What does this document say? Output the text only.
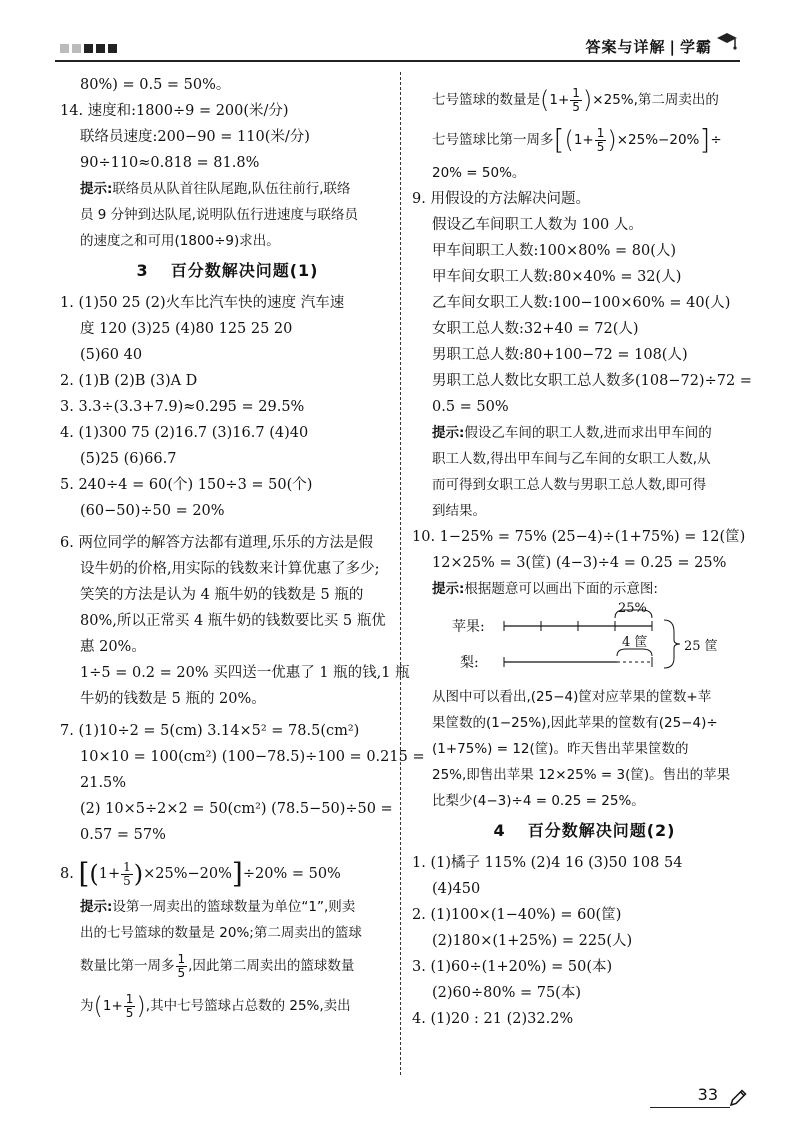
答案与详解 | 学霸
80%) = 0.5 = 50%。
14. 速度和:1800÷9 = 200(米/分)
联络员速度:200−90 = 110(米/分)
90÷110≈0.818 = 81.8%
提示:联络员从队首往队尾跑,队伍往前行,联络
员 9 分钟到达队尾,说明队伍行进速度与联络员
的速度之和可用(1800÷9)求出。
3 百分数解决问题(1)
1. (1)50 25 (2)火车比汽车快的速度 汽车速
度 120 (3)25 (4)80 125 25 20
(5)60 40
2. (1)B (2)B (3)A D
3. 3.3÷(3.3+7.9)≈0.295 = 29.5%
4. (1)300 75 (2)16.7 (3)16.7 (4)40
(5)25 (6)66.7
5. 240÷4 = 60(个) 150÷3 = 50(个)
(60−50)÷50 = 20%
6. 两位同学的解答方法都有道理,乐乐的方法是假
设牛奶的价格,用实际的钱数来计算优惠了多少;
笑笑的方法是认为 4 瓶牛奶的钱数是 5 瓶的
80%,所以正常买 4 瓶牛奶的钱数要比买 5 瓶优
惠 20%。
1÷5 = 0.2 = 20% 买四送一优惠了 1 瓶的钱,1 瓶
牛奶的钱数是 5 瓶的 20%。
7. (1)10÷2 = 5(cm) 3.14×5² = 78.5(cm²)
10×10 = 100(cm²) (100−78.5)÷100 = 0.215 =
21.5%
(2) 10×5÷2×2 = 50(cm²) (78.5−50)÷50 =
0.57 = 57%
8. $[(1+ \frac{1}{5} )\times 25\%-20\%]\div 20\% = 50\%$
提示:设第一周卖出的篮球数量为单位“1”,则卖
出的七号篮球的数量是 20%;第二周卖出的篮球
数量比第一周多 $\frac{1}{5}$ ,因此第二周卖出的篮球数量
为($1+ \frac{1}{5}$ ),其中七号篮球占总数的 25%,卖出
七号篮球的数量是$(1+ \frac{1}{5} )\times 25\%$,第二周卖出的
七号篮球比第一周多$[(1+ \frac{1}{5} )\times 25\%-20\%]\div$
20% = 50%。
9. 用假设的方法解决问题。
假设乙车间职工人数为 100 人。
甲车间职工人数:100×80% = 80(人)
甲车间女职工人数:80×40% = 32(人)
乙车间女职工人数:100−100×60% = 40(人)
女职工总人数:32+40 = 72(人)
男职工总人数:80+100−72 = 108(人)
男职工总人数比女职工总人数多(108−72)÷72 =
0.5 = 50%
提示:假设乙车间的职工人数,进而求出甲车间的
职工人数,得出甲车间与乙车间的女职工人数,从
而可得到女职工总人数与男职工总人数,即可得
到结果。
10. 1−25% = 75% (25−4)÷(1+75%) = 12(筐)
12×25% = 3(筐) (4−3)÷4 = 0.25 = 25%
提示:根据题意可以画出下面的示意图:
苹果:
梨:
25%
4 筐	25 筐
从图中可以看出,(25−4)筐对应苹果的筐数+苹
果筐数的(1−25%),因此苹果的筐数有(25−4)÷
(1+75%) = 12(筐)。昨天售出苹果筐数的
25%,即售出苹果 12×25% = 3(筐)。售出的苹果
比梨少(4−3)÷4 = 0.25 = 25%。
4 百分数解决问题(2)
1. (1)橘子 115% (2)4 16 (3)50 108 54
(4)450
2. (1)100×(1−40%) = 60(筐)
(2)180×(1+25%) = 225(人)
3. (1)60÷(1+20%) = 50(本)
(2)60÷80% = 75(本)
4. (1)20 : 21 (2)32.2%
33
